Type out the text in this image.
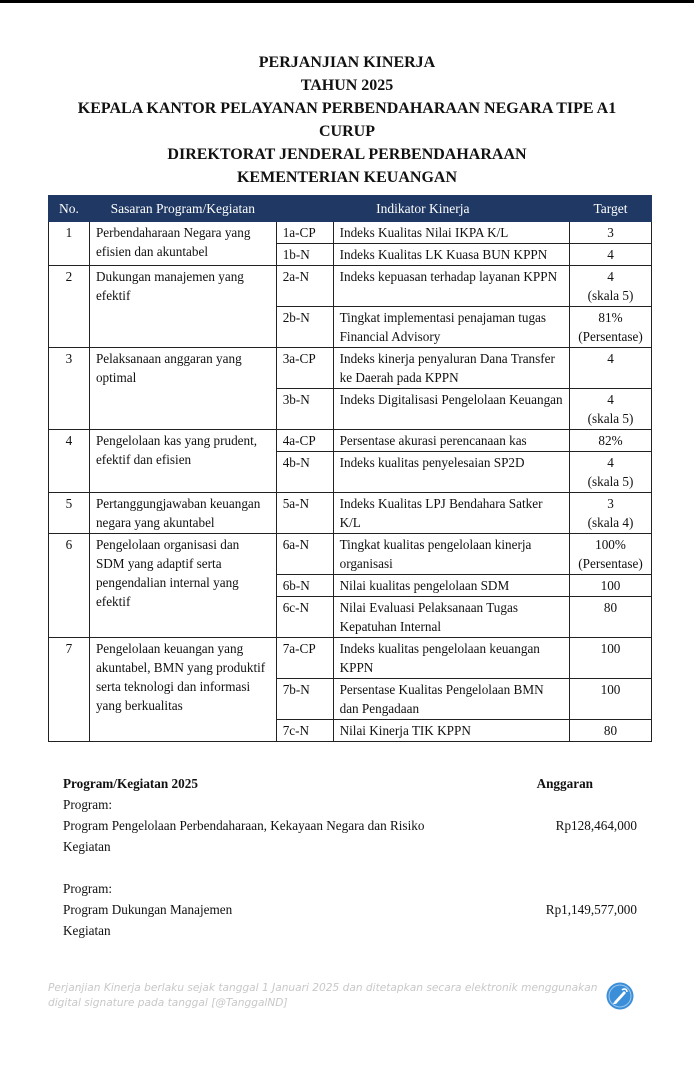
PERJANJIAN KINERJA
TAHUN 2025
KEPALA KANTOR PELAYANAN PERBENDAHARAAN NEGARA TIPE A1
CURUP
DIREKTORAT JENDERAL PERBENDAHARAAN
KEMENTERIAN KEUANGAN
No.	Sasaran Program/Kegiatan	Indikator Kinerja		Target
1	Perbendaharaan Negara yang efisien dan akuntabel	1a-CP	Indeks Kualitas Nilai IKPA K/L	3

		1b-N	Indeks Kualitas LK Kuasa BUN KPPN	4

2	Dukungan manajemen yang efektif	2a-N	Indeks kepuasan terhadap layanan KPPN	4
(skala 5)

		2b-N	Tingkat implementasi penajaman tugas Financial Advisory	81%
(Persentase)

3	Pelaksanaan anggaran yang optimal	3a-CP	Indeks kinerja penyaluran Dana Transfer ke Daerah pada KPPN	4

		3b-N	Indeks Digitalisasi Pengelolaan Keuangan	4
(skala 5)

4	Pengelolaan kas yang prudent, efektif dan efisien	4a-CP	Persentase akurasi perencanaan kas	82%

		4b-N	Indeks kualitas penyelesaian SP2D	4
(skala 5)

5	Pertanggungjawaban keuangan negara yang akuntabel	5a-N	Indeks Kualitas LPJ Bendahara Satker K/L	3
(skala 4)

6	Pengelolaan organisasi dan SDM yang adaptif serta pengendalian internal yang efektif	6a-N	Tingkat kualitas pengelolaan kinerja organisasi	100%
(Persentase)

		6b-N	Nilai kualitas pengelolaan SDM	100

		6c-N	Nilai Evaluasi Pelaksanaan Tugas Kepatuhan Internal	80

7	Pengelolaan keuangan yang akuntabel, BMN yang produktif serta teknologi dan informasi yang berkualitas	7a-CP	Indeks kualitas pengelolaan keuangan KPPN	100

		7b-N	Persentase Kualitas Pengelolaan BMN dan Pengadaan	100

		7c-N	Nilai Kinerja TIK KPPN	80
Program/Kegiatan 2025	Anggaran
Program:
Program Pengelolaan Perbendaharaan, Kekayaan Negara dan Risiko	Rp128,464,000
Kegiatan
Program:
Program Dukungan Manajemen	Rp1,149,577,000
Kegiatan
Perjanjian Kinerja berlaku sejak tanggal 1 Januari 2025 dan ditetapkan secara elektronik menggunakan
digital signature pada tanggal [@TanggalND]
